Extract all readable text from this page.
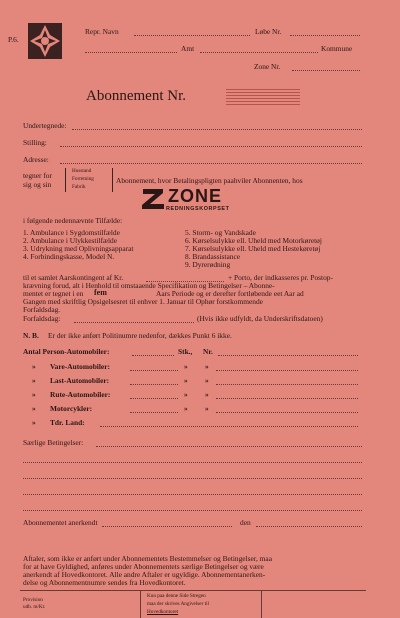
P.6.
Repr. Navn	Løbe Nr.
Amt	Kommune
Zone Nr.
Abonnement Nr.
Undertegnede:
Stilling:
Adresse:
tegner for
sig og sin
Husstand
Forretning
Fabrik
Abonnement, hvor Betalingspligten paahviler Abonnenten, hos
ZONE
REDNINGSKORPSET
i følgende nedennævnte Tilfælde:
1. Ambulance i Sygdomstilfælde
2. Ambulance i Ulykkestilfælde
3. Udrykning med Oplivningsapparat
4. Forbindingskasse, Model N.
5. Storm- og Vandskade
6. Kørselsulykke ell. Uheld med Motorkøretøj
7. Kørselsulykke ell. Uheld med Hestekøretøj
8. Brandassistance
9. Dyrerødning
til et samlet Aarskontingent af Kr.	+ Porto, der indkasseres pr. Postop-
krævning forud, alt i Henhold til omstaaende Specifikation og Betingelser – Abonne-
mentet er tegnet i en fem	Aars Periode og er derefter fortløbende eet Aar ad
Gangen med skriftlig Opsigelsesret til enhver 1. Januar til Ophør forstkommende
Forfaldsdag.
Forfaldsdag:	(Hvis ikke udfyldt, da Underskriftsdatoen)
N. B. Er der ikke anført Politinumre nedenfor, dækkes Punkt 6 ikke.
Antal Person-Automobiler:	Stk., Nr.
» Vare-Automobiler:	» »
» Last-Automobiler:	» »
» Rute-Automobiler:	» »
» Motorcykler:	» »
» Tdr. Land:
Særlige Betingelser:
Abonnementet anerkendt	den
Aftaler, som ikke er anført under Abonnementets Bestemmelser og Betingelser, maa
for at have Gyldighed, anføres under Abonnementets særlige Betingelser og være
anerkendt af Hovedkontoret. Alle andre Aftaler er ugyldige. Abonnementanerken-
delse og Abonnementnumre sendes fra Hovedkontoret.
Provision
udb. m/Kr.
Kun paa denne Side Stregen
maa der skrives Angivelser til
Hovedkontoret
